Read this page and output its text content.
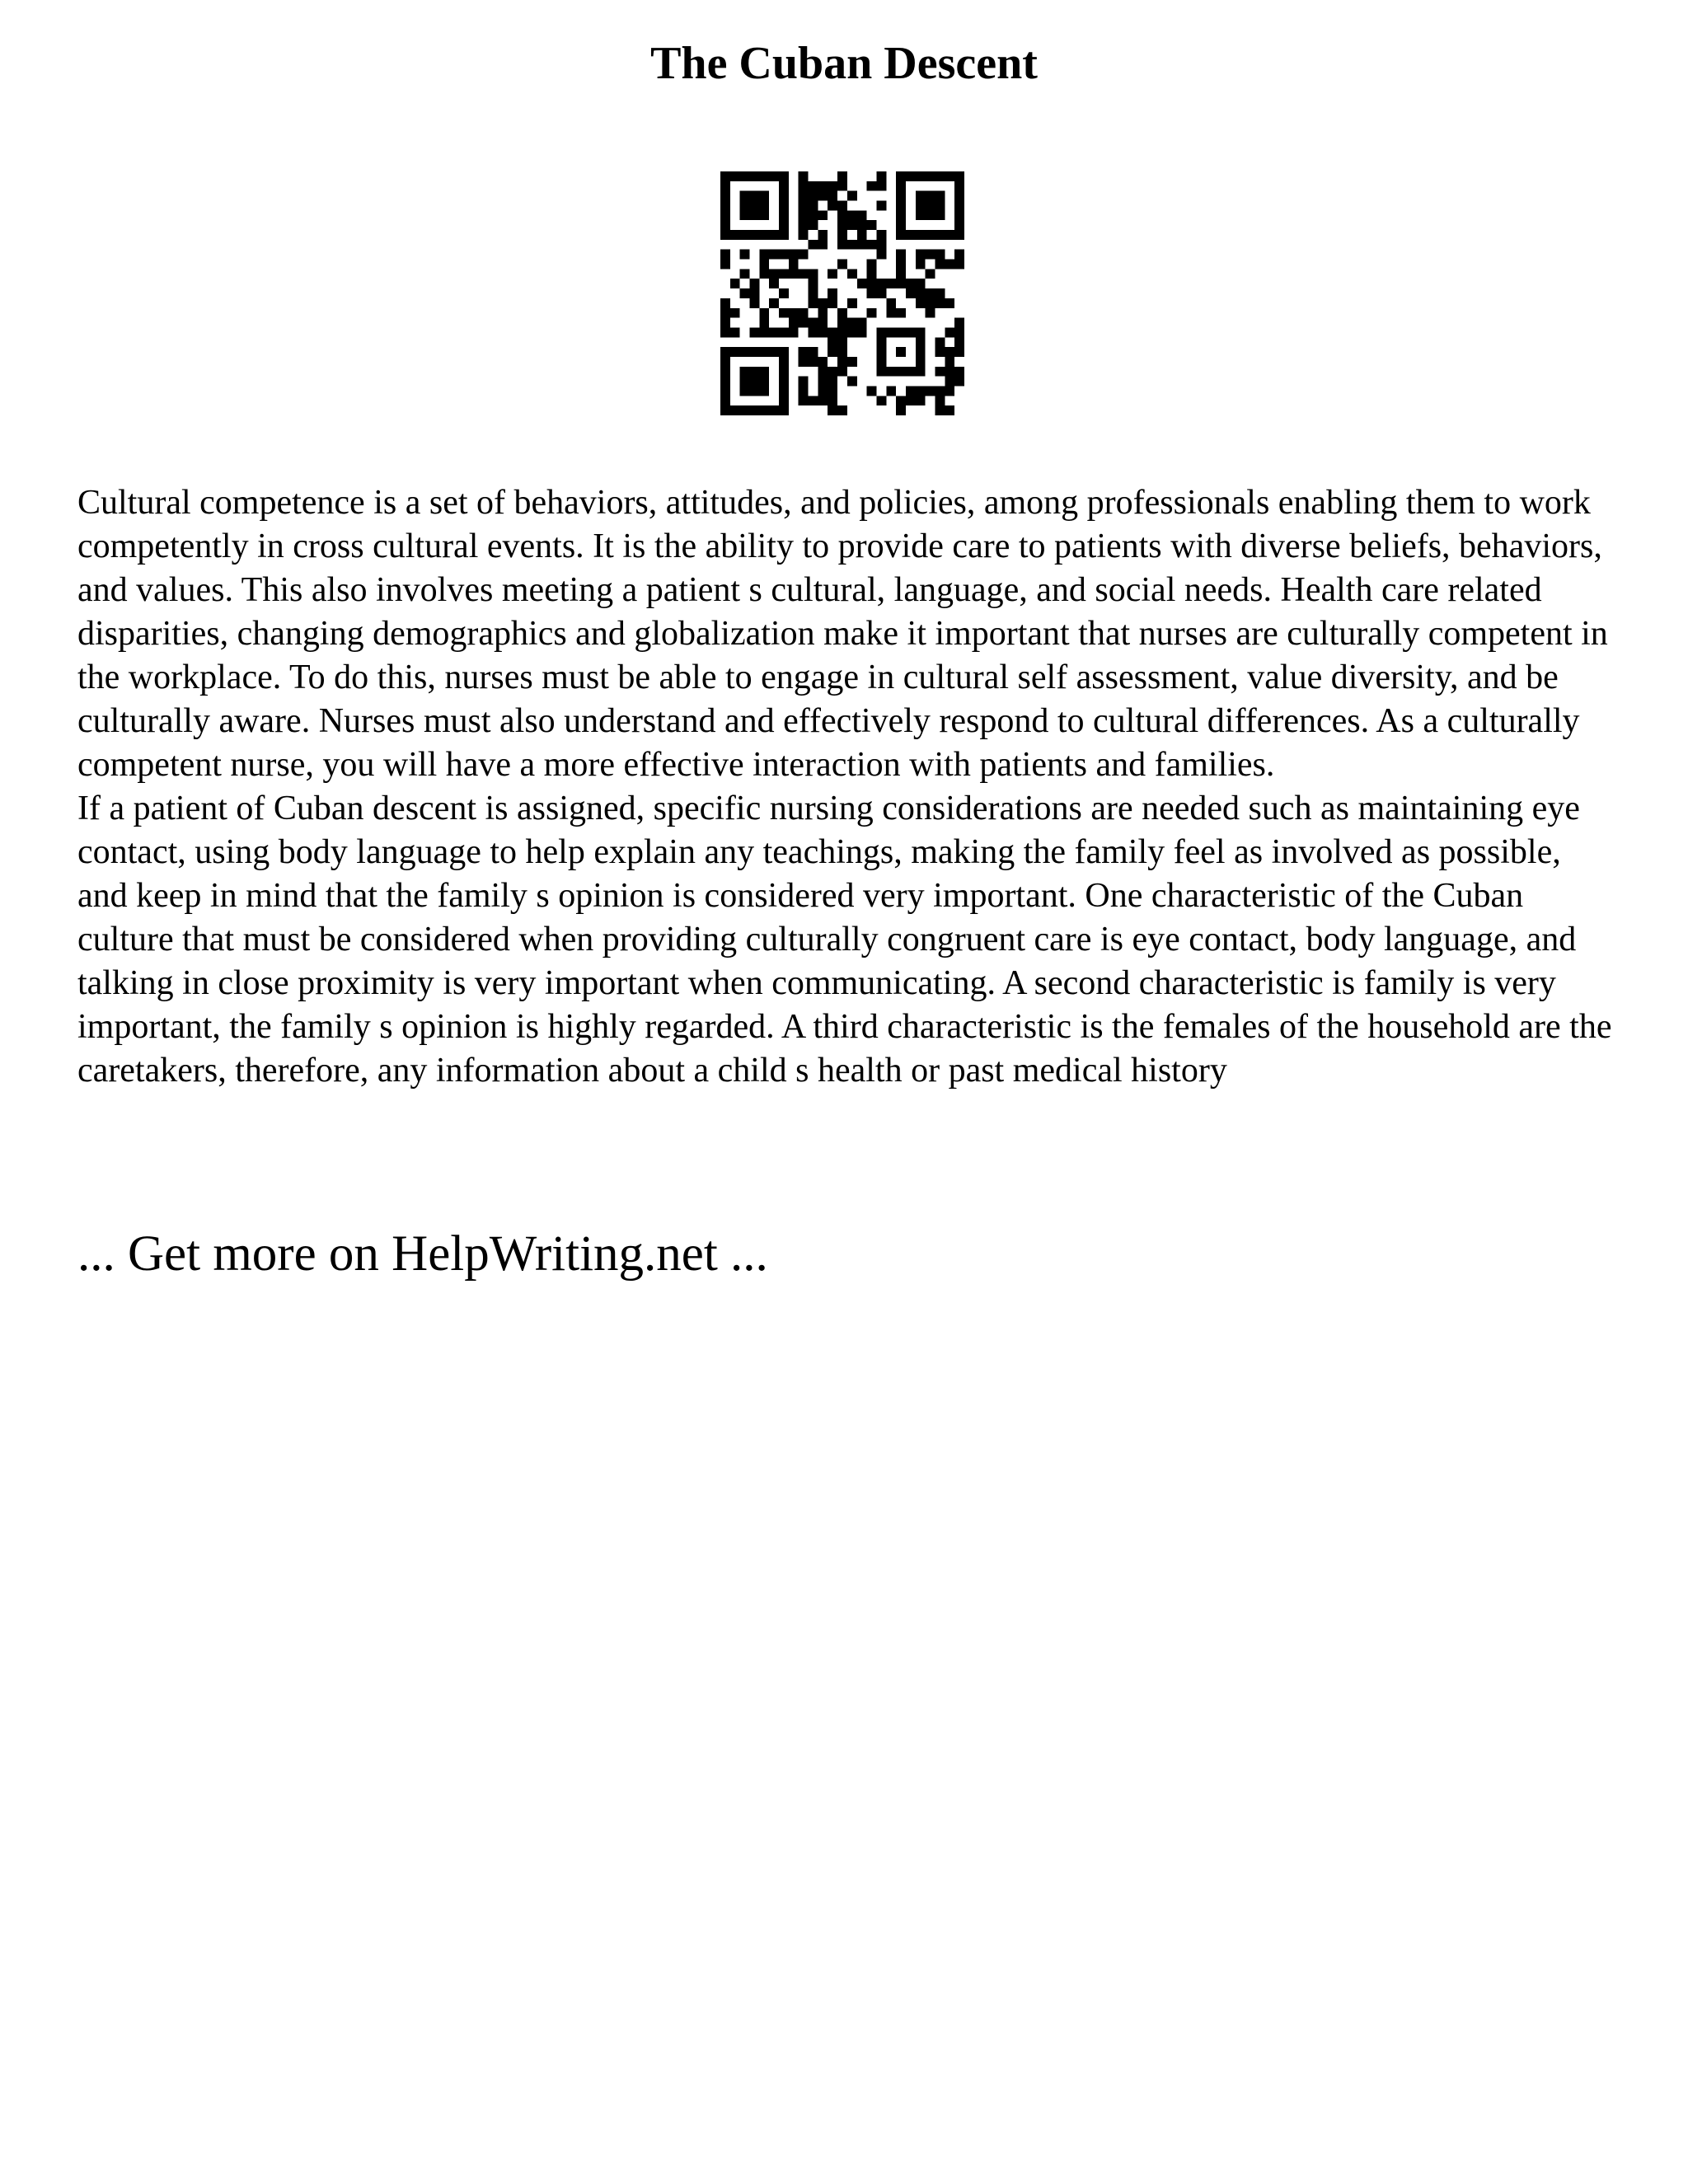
The Cuban Descent

Cultural competence is a set of behaviors, attitudes, and policies, among professionals enabling them to work competently in cross cultural events. It is the ability to provide care to patients with diverse beliefs, behaviors, and values. This also involves meeting a patient s cultural, language, and social needs. Health care related disparities, changing demographics and globalization make it important that nurses are culturally competent in the workplace. To do this, nurses must be able to engage in cultural self assessment, value diversity, and be culturally aware. Nurses must also understand and effectively respond to cultural differences. As a culturally competent nurse, you will have a more effective interaction with patients and families.

If a patient of Cuban descent is assigned, specific nursing considerations are needed such as maintaining eye contact, using body language to help explain any teachings, making the family feel as involved as possible, and keep in mind that the family s opinion is considered very important. One characteristic of the Cuban culture that must be considered when providing culturally congruent care is eye contact, body language, and talking in close proximity is very important when communicating. A second characteristic is family is very important, the family s opinion is highly regarded. A third characteristic is the females of the household are the caretakers, therefore, any information about a child s health or past medical history

... Get more on HelpWriting.net ...
